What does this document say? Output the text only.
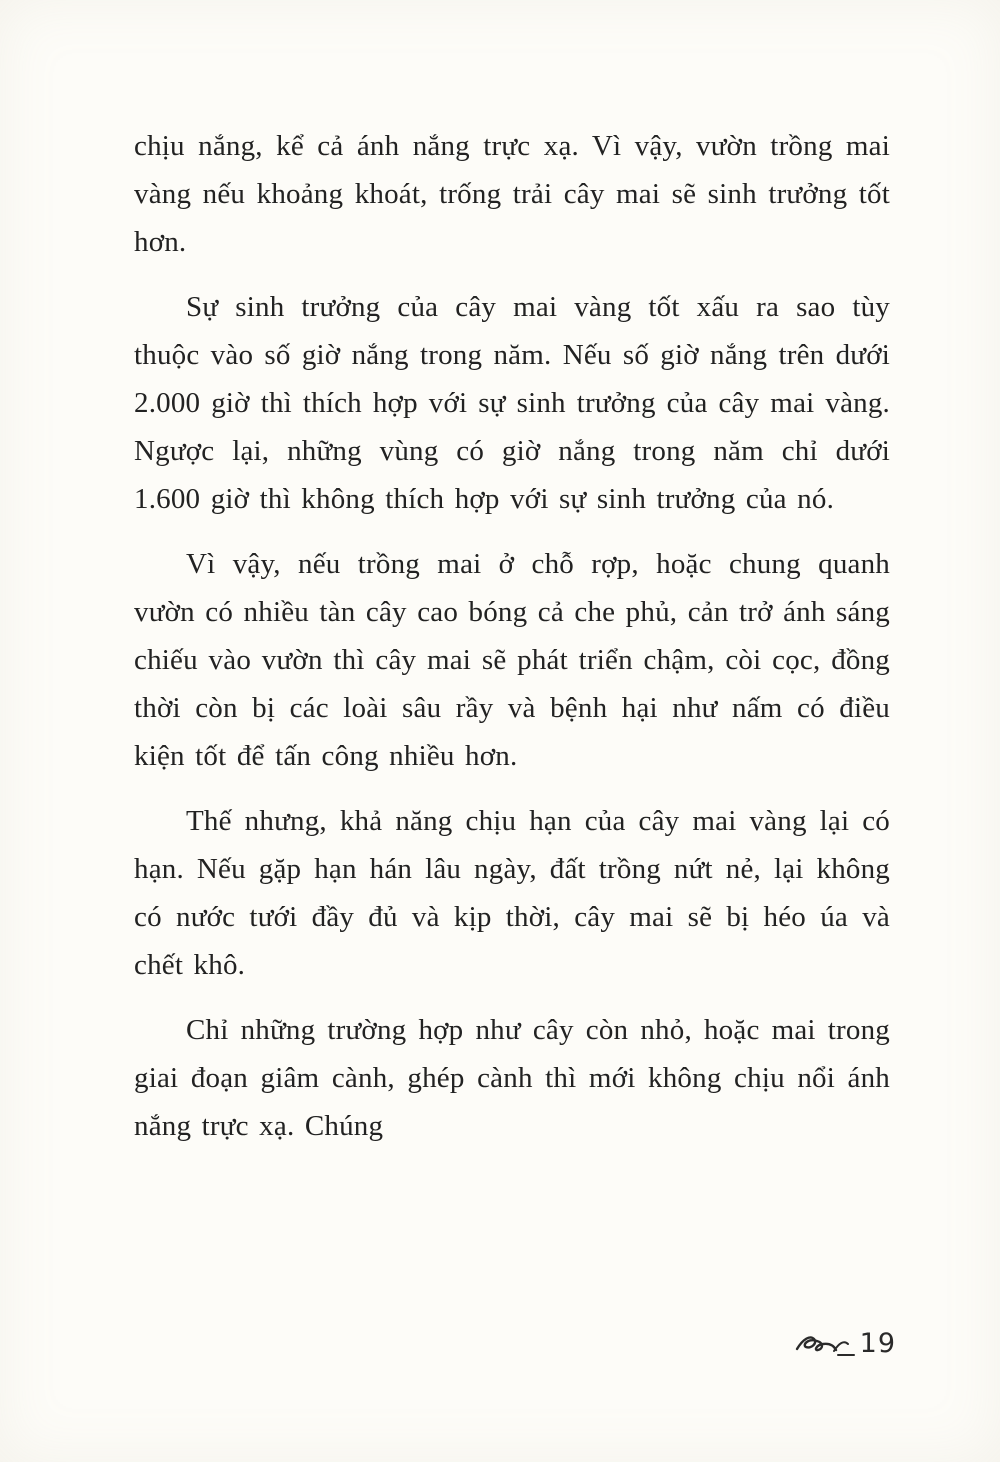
chịu nắng, kể cả ánh nắng trực xạ. Vì vậy, vườn trồng mai vàng nếu khoảng khoát, trống trải cây mai sẽ sinh trưởng tốt hơn.

Sự sinh trưởng của cây mai vàng tốt xấu ra sao tùy thuộc vào số giờ nắng trong năm. Nếu số giờ nắng trên dưới 2.000 giờ thì thích hợp với sự sinh trưởng của cây mai vàng. Ngược lại, những vùng có giờ nắng trong năm chỉ dưới 1.600 giờ thì không thích hợp với sự sinh trưởng của nó.

Vì vậy, nếu trồng mai ở chỗ rợp, hoặc chung quanh vườn có nhiều tàn cây cao bóng cả che phủ, cản trở ánh sáng chiếu vào vườn thì cây mai sẽ phát triển chậm, còi cọc, đồng thời còn bị các loài sâu rầy và bệnh hại như nấm có điều kiện tốt để tấn công nhiều hơn.

Thế nhưng, khả năng chịu hạn của cây mai vàng lại có hạn. Nếu gặp hạn hán lâu ngày, đất trồng nứt nẻ, lại không có nước tưới đầy đủ và kịp thời, cây mai sẽ bị héo úa và chết khô.

Chỉ những trường hợp như cây còn nhỏ, hoặc mai trong giai đoạn giâm cành, ghép cành thì mới không chịu nổi ánh nắng trực xạ. Chúng

19
